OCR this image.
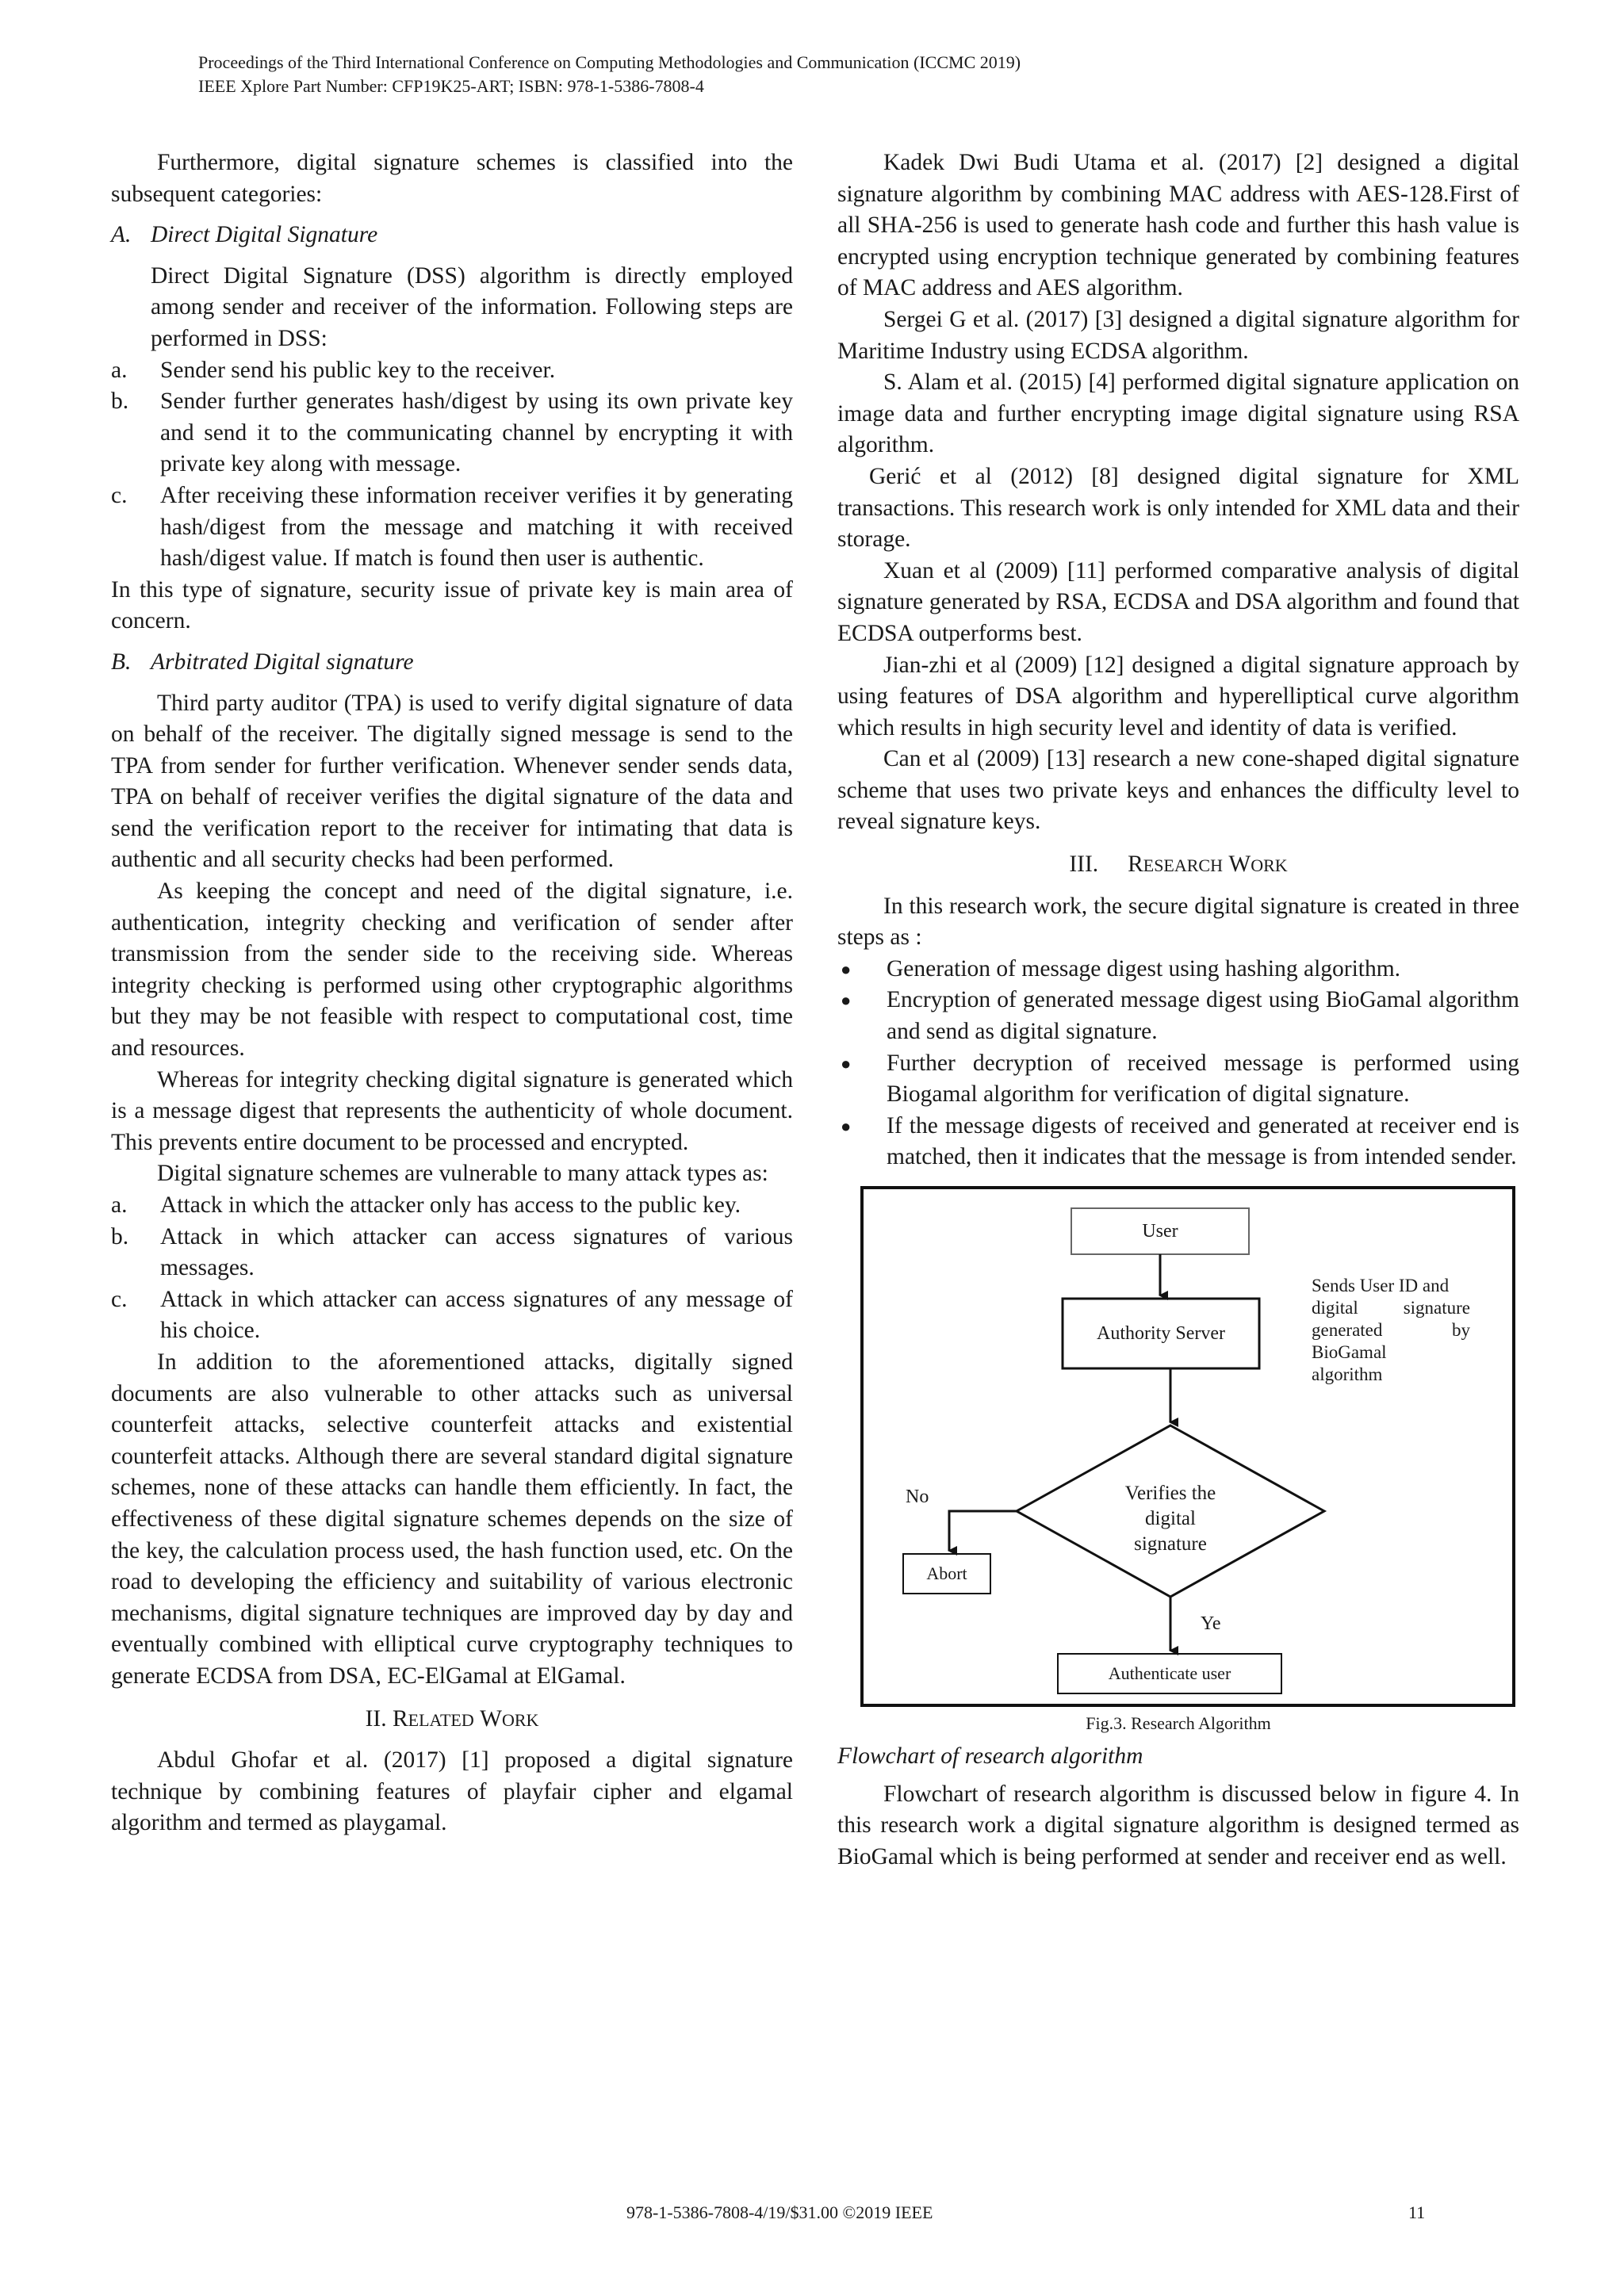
Proceedings of the Third International Conference on Computing Methodologies and Communication (ICCMC 2019)
IEEE Xplore Part Number: CFP19K25-ART; ISBN: 978-1-5386-7808-4

Furthermore, digital signature schemes is classified into the subsequent categories:

A. Direct Digital Signature

Direct Digital Signature (DSS) algorithm is directly employed among sender and receiver of the information. Following steps are performed in DSS:

a. Sender send his public key to the receiver.
b. Sender further generates hash/digest by using its own private key and send it to the communicating channel by encrypting it with private key along with message.
c. After receiving these information receiver verifies it by generating hash/digest from the message and matching it with received hash/digest value. If match is found then user is authentic.

In this type of signature, security issue of private key is main area of concern.

B. Arbitrated Digital signature

Third party auditor (TPA) is used to verify digital signature of data on behalf of the receiver. The digitally signed message is send to the TPA from sender for further verification. Whenever sender sends data, TPA on behalf of receiver verifies the digital signature of the data and send the verification report to the receiver for intimating that data is authentic and all security checks had been performed.

As keeping the concept and need of the digital signature, i.e. authentication, integrity checking and verification of sender after transmission from the sender side to the receiving side. Whereas integrity checking is performed using other cryptographic algorithms but they may be not feasible with respect to computational cost, time and resources.

Whereas for integrity checking digital signature is generated which is a message digest that represents the authenticity of whole document. This prevents entire document to be processed and encrypted.

Digital signature schemes are vulnerable to many attack types as:

a. Attack in which the attacker only has access to the public key.
b. Attack in which attacker can access signatures of various messages.
c. Attack in which attacker can access signatures of any message of his choice.

In addition to the aforementioned attacks, digitally signed documents are also vulnerable to other attacks such as universal counterfeit attacks, selective counterfeit attacks and existential counterfeit attacks. Although there are several standard digital signature schemes, none of these attacks can handle them efficiently. In fact, the effectiveness of these digital signature schemes depends on the size of the key, the calculation process used, the hash function used, etc. On the road to developing the efficiency and suitability of various electronic mechanisms, digital signature techniques are improved day by day and eventually combined with elliptical curve cryptography techniques to generate ECDSA from DSA, EC-ElGamal at ElGamal.

II. RELATED WORK

Abdul Ghofar et al. (2017) [1] proposed a digital signature technique by combining features of playfair cipher and elgamal algorithm and termed as playgamal.

Kadek Dwi Budi Utama et al. (2017) [2] designed a digital signature algorithm by combining MAC address with AES-128.First of all SHA-256 is used to generate hash code and further this hash value is encrypted using encryption technique generated by combining features of MAC address and AES algorithm.

Sergei G et al. (2017) [3] designed a digital signature algorithm for Maritime Industry using ECDSA algorithm.

S. Alam et al. (2015) [4] performed digital signature application on image data and further encrypting image digital signature using RSA algorithm.

Gerić et al (2012) [8] designed digital signature for XML transactions. This research work is only intended for XML data and their storage.

Xuan et al (2009) [11] performed comparative analysis of digital signature generated by RSA, ECDSA and DSA algorithm and found that ECDSA outperforms best.

Jian-zhi et al (2009) [12] designed a digital signature approach by using features of DSA algorithm and hyperelliptical curve algorithm which results in high security level and identity of data is verified.

Can et al (2009) [13] research a new cone-shaped digital signature scheme that uses two private keys and enhances the difficulty level to reveal signature keys.

III. RESEARCH WORK

In this research work, the secure digital signature is created in three steps as :

● Generation of message digest using hashing algorithm.
● Encryption of generated message digest using BioGamal algorithm and send as digital signature.
● Further decryption of received message is performed using Biogamal algorithm for verification of digital signature.
● If the message digests of received and generated at receiver end is matched, then it indicates that the message is from intended sender.
User
Authority Server
Sends User ID and
digital signature
generated by
BioGamal
algorithm
No	Verifies the
digital
signature
Abort
Ye
Authenticate user
Fig.3. Research Algorithm
Flowchart of research algorithm

Flowchart of research algorithm is discussed below in figure 4. In this research work a digital signature algorithm is designed termed as BioGamal which is being performed at sender and receiver end as well.

978-1-5386-7808-4/19/$31.00 ©2019 IEEE	11
